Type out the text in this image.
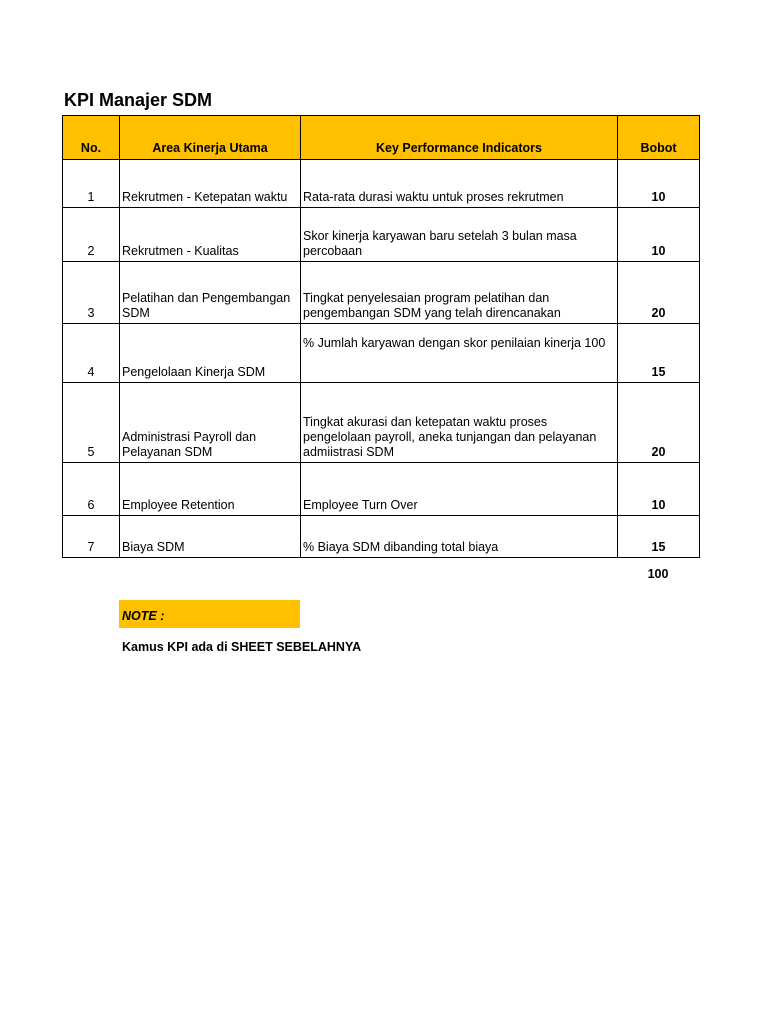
KPI Manajer SDM
No.	Area Kinerja Utama	Key Performance Indicators	Bobot
1	Rekrutmen - Ketepatan waktu	Rata-rata durasi waktu untuk proses rekrutmen	10
2	Rekrutmen - Kualitas	Skor kinerja karyawan baru setelah 3 bulan masa percobaan	10
3	Pelatihan dan Pengembangan SDM	Tingkat penyelesaian program pelatihan dan pengembangan SDM yang telah direncanakan	20
4	Pengelolaan Kinerja SDM	% Jumlah karyawan dengan skor penilaian kinerja 100	15
5	Administrasi Payroll dan Pelayanan SDM	Tingkat akurasi dan ketepatan waktu proses pengelolaan payroll, aneka tunjangan dan pelayanan admiistrasi SDM	20
6	Employee Retention	Employee Turn Over	10
7	Biaya SDM	% Biaya SDM dibanding total biaya	15
100
NOTE :
Kamus KPI ada di SHEET SEBELAHNYA
